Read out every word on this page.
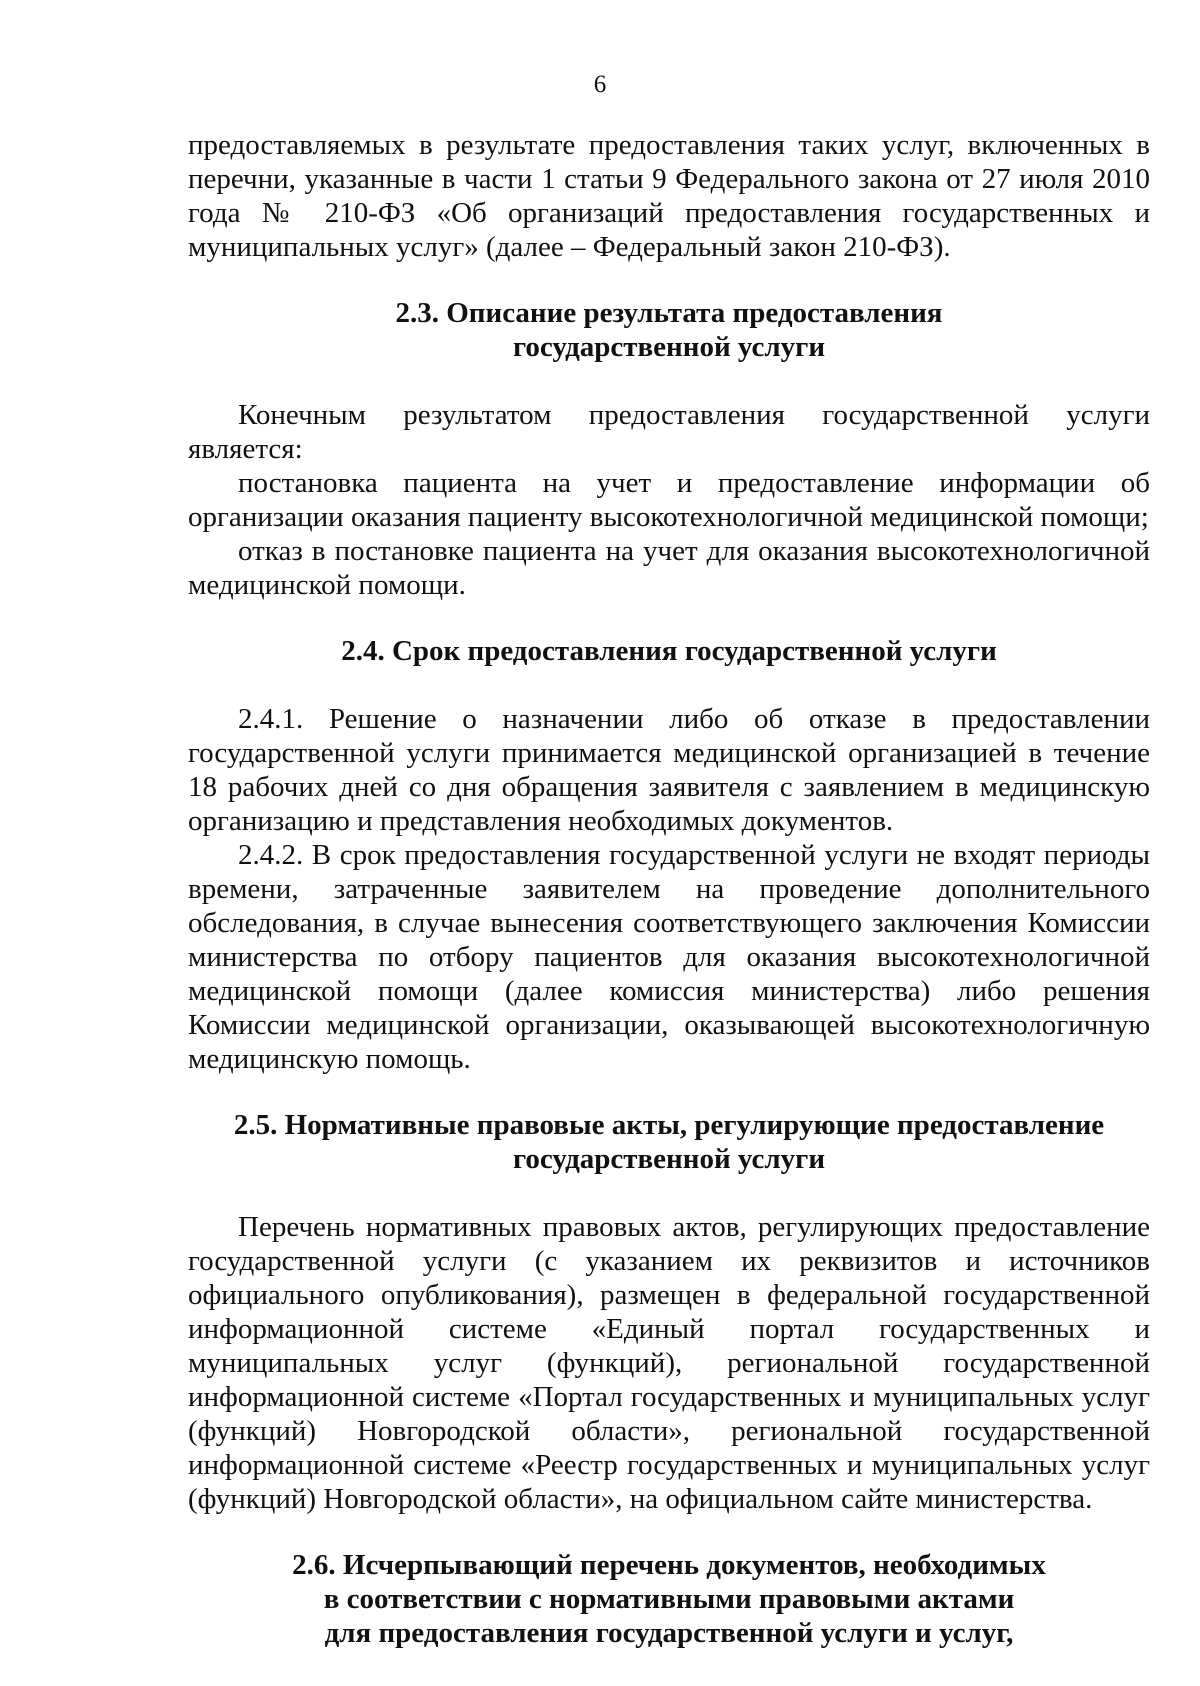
6

предоставляемых в результате предоставления таких услуг, включенных в перечни, указанные в части 1 статьи 9 Федерального закона от 27 июля 2010 года № 210-ФЗ «Об организаций предоставления государственных и муниципальных услуг» (далее – Федеральный закон 210-ФЗ).

2.3. Описание результата предоставления
государственной услуги

Конечным результатом предоставления государственной услуги является:

постановка пациента на учет и предоставление информации об организации оказания пациенту высокотехнологичной медицинской помощи;

отказ в постановке пациента на учет для оказания высокотехнологичной медицинской помощи.

2.4. Срок предоставления государственной услуги

2.4.1. Решение о назначении либо об отказе в предоставлении государственной услуги принимается медицинской организацией в течение 18 рабочих дней со дня обращения заявителя с заявлением в медицинскую организацию и представления необходимых документов.

2.4.2. В срок предоставления государственной услуги не входят периоды времени, затраченные заявителем на проведение дополнительного обследования, в случае вынесения соответствующего заключения Комиссии министерства по отбору пациентов для оказания высокотехнологичной медицинской помощи (далее комиссия министерства) либо решения Комиссии медицинской организации, оказывающей высокотехнологичную медицинскую помощь.

2.5. Нормативные правовые акты, регулирующие предоставление
государственной услуги

Перечень нормативных правовых актов, регулирующих предоставление государственной услуги (с указанием их реквизитов и источников официального опубликования), размещен в федеральной государственной информационной системе «Единый портал государственных и муниципальных услуг (функций), региональной государственной информационной системе «Портал государственных и муниципальных услуг (функций) Новгородской области», региональной государственной информационной системе «Реестр государственных и муниципальных услуг (функций) Новгородской области», на официальном сайте министерства.

2.6. Исчерпывающий перечень документов, необходимых
в соответствии с нормативными правовыми актами
для предоставления государственной услуги и услуг,
